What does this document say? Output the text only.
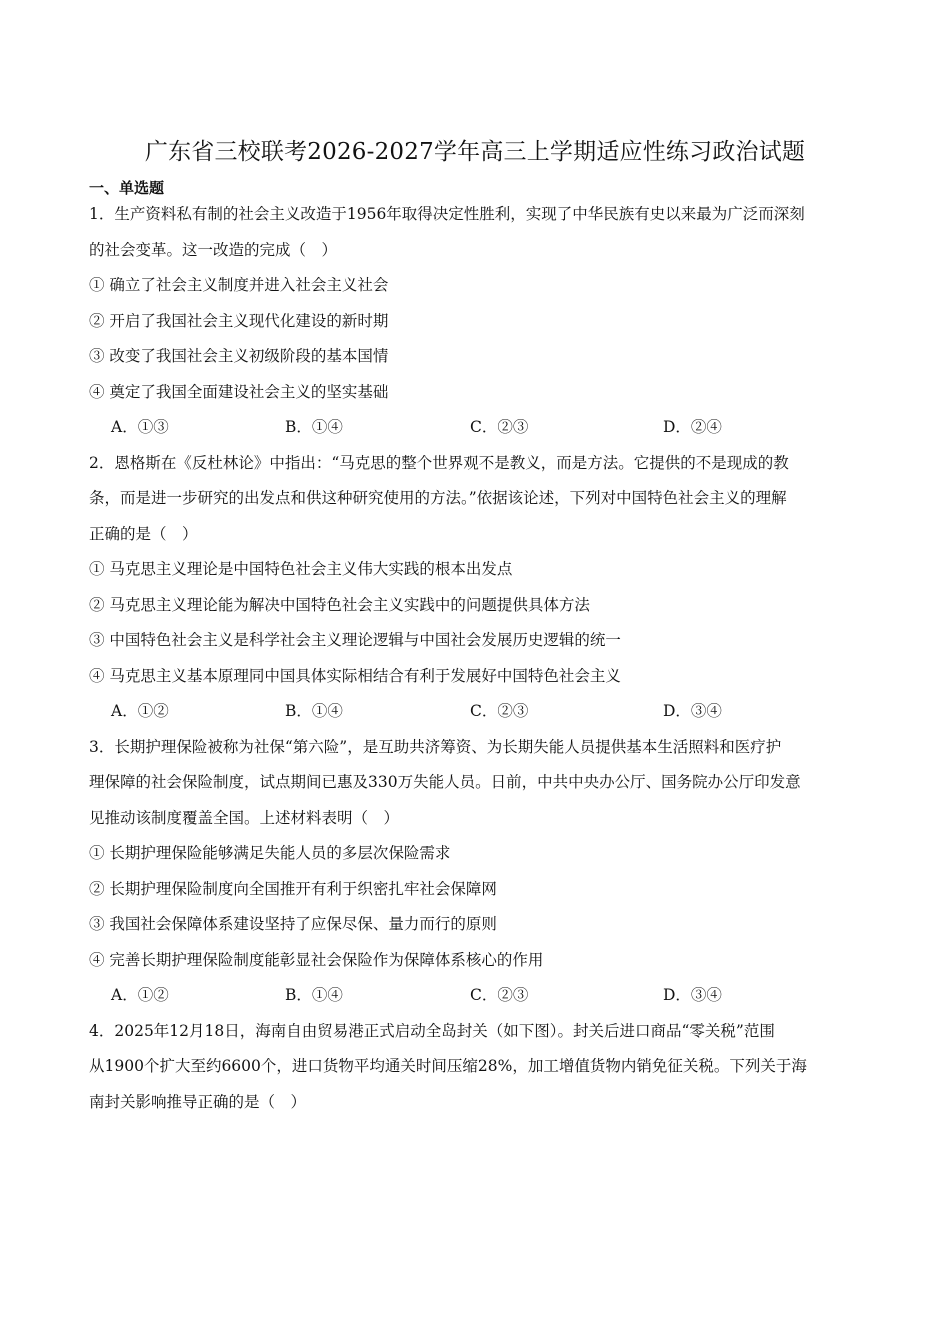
广东省三校联考2026-2027学年高三上学期适应性练习政治试题
一、单选题
1．生产资料私有制的社会主义改造于1956年取得决定性胜利，实现了中华民族有史以来最为广泛而深刻
的社会变革。这一改造的完成（　）
① 确立了社会主义制度并进入社会主义社会
② 开启了我国社会主义现代化建设的新时期
③ 改变了我国社会主义初级阶段的基本国情
④ 奠定了我国全面建设社会主义的坚实基础
A．①③	B．①④	C．②③	D．②④
2．恩格斯在《反杜林论》中指出：“马克思的整个世界观不是教义，而是方法。它提供的不是现成的教
条，而是进一步研究的出发点和供这种研究使用的方法。”依据该论述，下列对中国特色社会主义的理解
正确的是（　）
① 马克思主义理论是中国特色社会主义伟大实践的根本出发点
② 马克思主义理论能为解决中国特色社会主义实践中的问题提供具体方法
③ 中国特色社会主义是科学社会主义理论逻辑与中国社会发展历史逻辑的统一
④ 马克思主义基本原理同中国具体实际相结合有利于发展好中国特色社会主义
A．①②	B．①④	C．②③	D．③④
3．长期护理保险被称为社保“第六险”，是互助共济筹资、为长期失能人员提供基本生活照料和医疗护
理保障的社会保险制度，试点期间已惠及330万失能人员。日前，中共中央办公厅、国务院办公厅印发意
见推动该制度覆盖全国。上述材料表明（　）
① 长期护理保险能够满足失能人员的多层次保险需求
② 长期护理保险制度向全国推开有利于织密扎牢社会保障网
③ 我国社会保障体系建设坚持了应保尽保、量力而行的原则
④ 完善长期护理保险制度能彰显社会保险作为保障体系核心的作用
A．①②	B．①④	C．②③	D．③④
4．2025年12月18日，海南自由贸易港正式启动全岛封关（如下图）。封关后进口商品“零关税”范围
从1900个扩大至约6600个，进口货物平均通关时间压缩28%，加工增值货物内销免征关税。下列关于海
南封关影响推导正确的是（　）
